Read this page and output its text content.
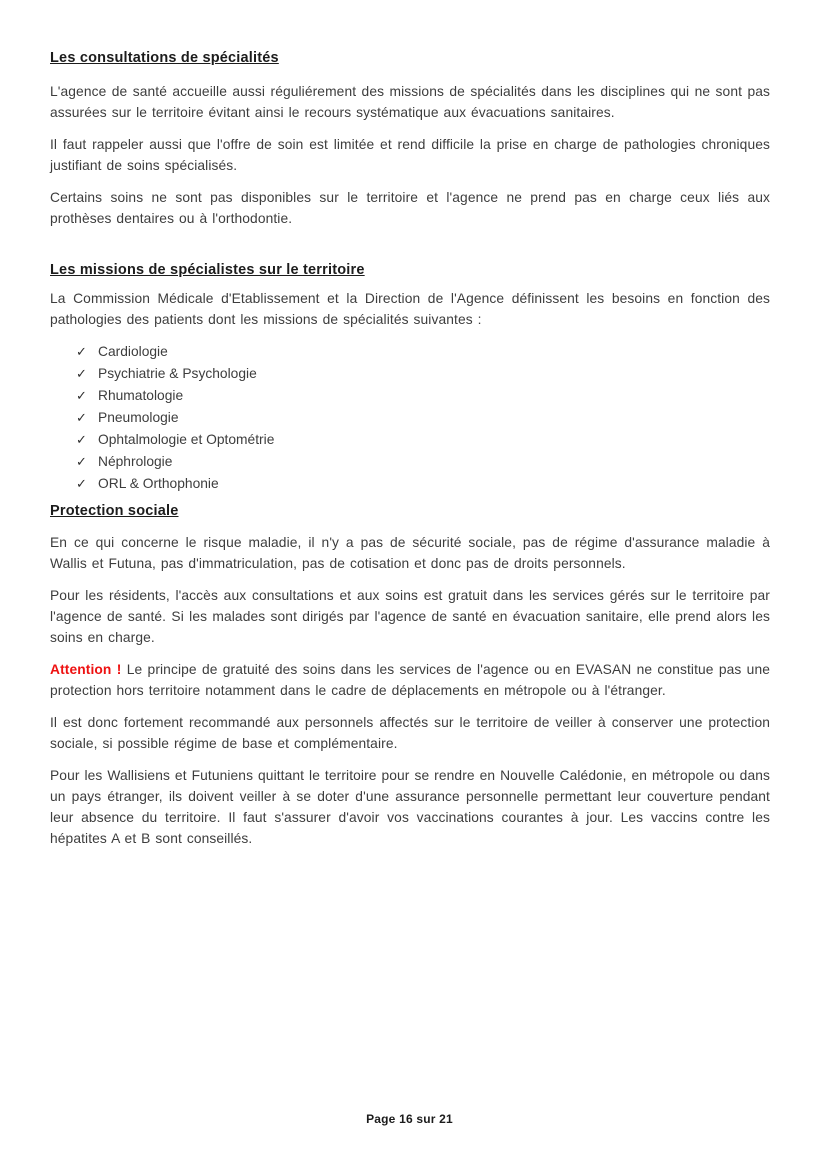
Les consultations de spécialités

L'agence de santé accueille aussi réguliérement des missions de spécialités dans les disciplines qui ne sont pas assurées sur le territoire évitant ainsi le recours systématique aux évacuations sanitaires.

Il faut rappeler aussi que l'offre de soin est limitée et rend difficile la prise en charge de pathologies chroniques justifiant de soins spécialisés.

Certains soins ne sont pas disponibles sur le territoire et l'agence ne prend pas en charge ceux liés aux prothèses dentaires ou à l'orthodontie.

Les missions de spécialistes sur le territoire

La Commission Médicale d'Etablissement et la Direction de l'Agence définissent les besoins en fonction des pathologies des patients dont les missions de spécialités suivantes :

✓ Cardiologie
✓ Psychiatrie & Psychologie
✓ Rhumatologie
✓ Pneumologie
✓ Ophtalmologie et Optométrie
✓ Néphrologie
✓ ORL & Orthophonie
Protection sociale

En ce qui concerne le risque maladie, il n'y a pas de sécurité sociale, pas de régime d'assurance maladie à Wallis et Futuna, pas d'immatriculation, pas de cotisation et donc pas de droits personnels.

Pour les résidents, l'accès aux consultations et aux soins est gratuit dans les services gérés sur le territoire par l'agence de santé. Si les malades sont dirigés par l'agence de santé en évacuation sanitaire, elle prend alors les soins en charge.

Attention ! Le principe de gratuité des soins dans les services de l'agence ou en EVASAN ne constitue pas une protection hors territoire notamment dans le cadre de déplacements en métropole ou à l'étranger.

Il est donc fortement recommandé aux personnels affectés sur le territoire de veiller à conserver une protection sociale, si possible régime de base et complémentaire.

Pour les Wallisiens et Futuniens quittant le territoire pour se rendre en Nouvelle Calédonie, en métropole ou dans un pays étranger, ils doivent veiller à se doter d'une assurance personnelle permettant leur couverture pendant leur absence du territoire. Il faut s'assurer d'avoir vos vaccinations courantes à jour. Les vaccins contre les hépatites A et B sont conseillés.

Page 16 sur 21
